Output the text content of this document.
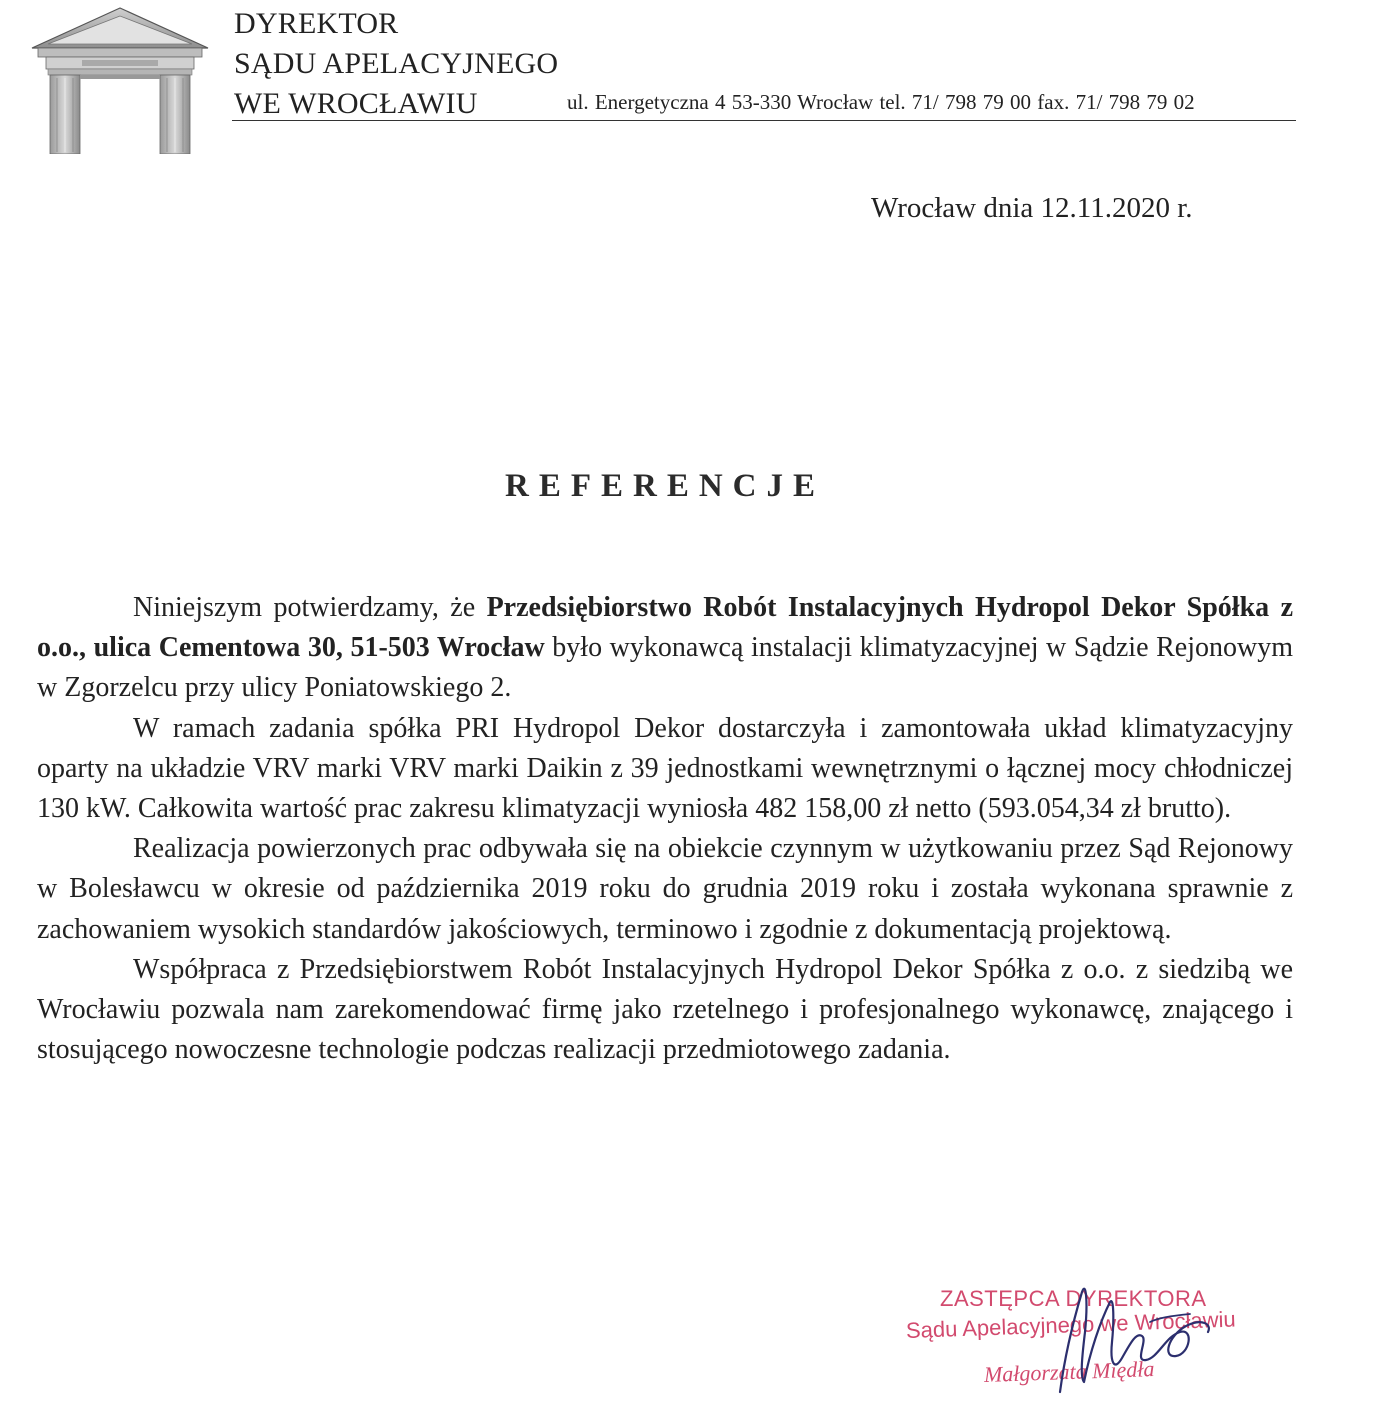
DYREKTOR
SĄDU APELACYJNEGO
WE WROCŁAWIU	ul. Energetyczna 4 53-330 Wrocław tel. 71/ 798 79 00 fax. 71/ 798 79 02
Wrocław dnia 12.11.2020 r.
REFERENCJE

Niniejszym potwierdzamy, że Przedsiębiorstwo Robót Instalacyjnych Hydropol Dekor Spółka z o.o., ulica Cementowa 30, 51-503 Wrocław było wykonawcą instalacji klimatyzacyjnej w Sądzie Rejonowym w Zgorzelcu przy ulicy Poniatowskiego 2.

W ramach zadania spółka PRI Hydropol Dekor dostarczyła i zamontowała układ klimatyzacyjny oparty na układzie VRV marki VRV marki Daikin z 39 jednostkami wewnętrznymi o łącznej mocy chłodniczej 130 kW. Całkowita wartość prac zakresu klimatyzacji wyniosła 482 158,00 zł netto (593.054,34 zł brutto).

Realizacja powierzonych prac odbywała się na obiekcie czynnym w użytkowaniu przez Sąd Rejonowy w Bolesławcu w okresie od października 2019 roku do grudnia 2019 roku i została wykonana sprawnie z zachowaniem wysokich standardów jakościowych, terminowo i zgodnie z dokumentacją projektową.

Współpraca z Przedsiębiorstwem Robót Instalacyjnych Hydropol Dekor Spółka z o.o. z siedzibą we Wrocławiu pozwala nam zarekomendować firmę jako rzetelnego i profesjonalnego wykonawcę, znającego i stosującego nowoczesne technologie podczas realizacji przedmiotowego zadania.

ZASTĘPCA DYREKTORA
Sądu Apelacyjnego we Wrocławiu
Małgorzata Międła
